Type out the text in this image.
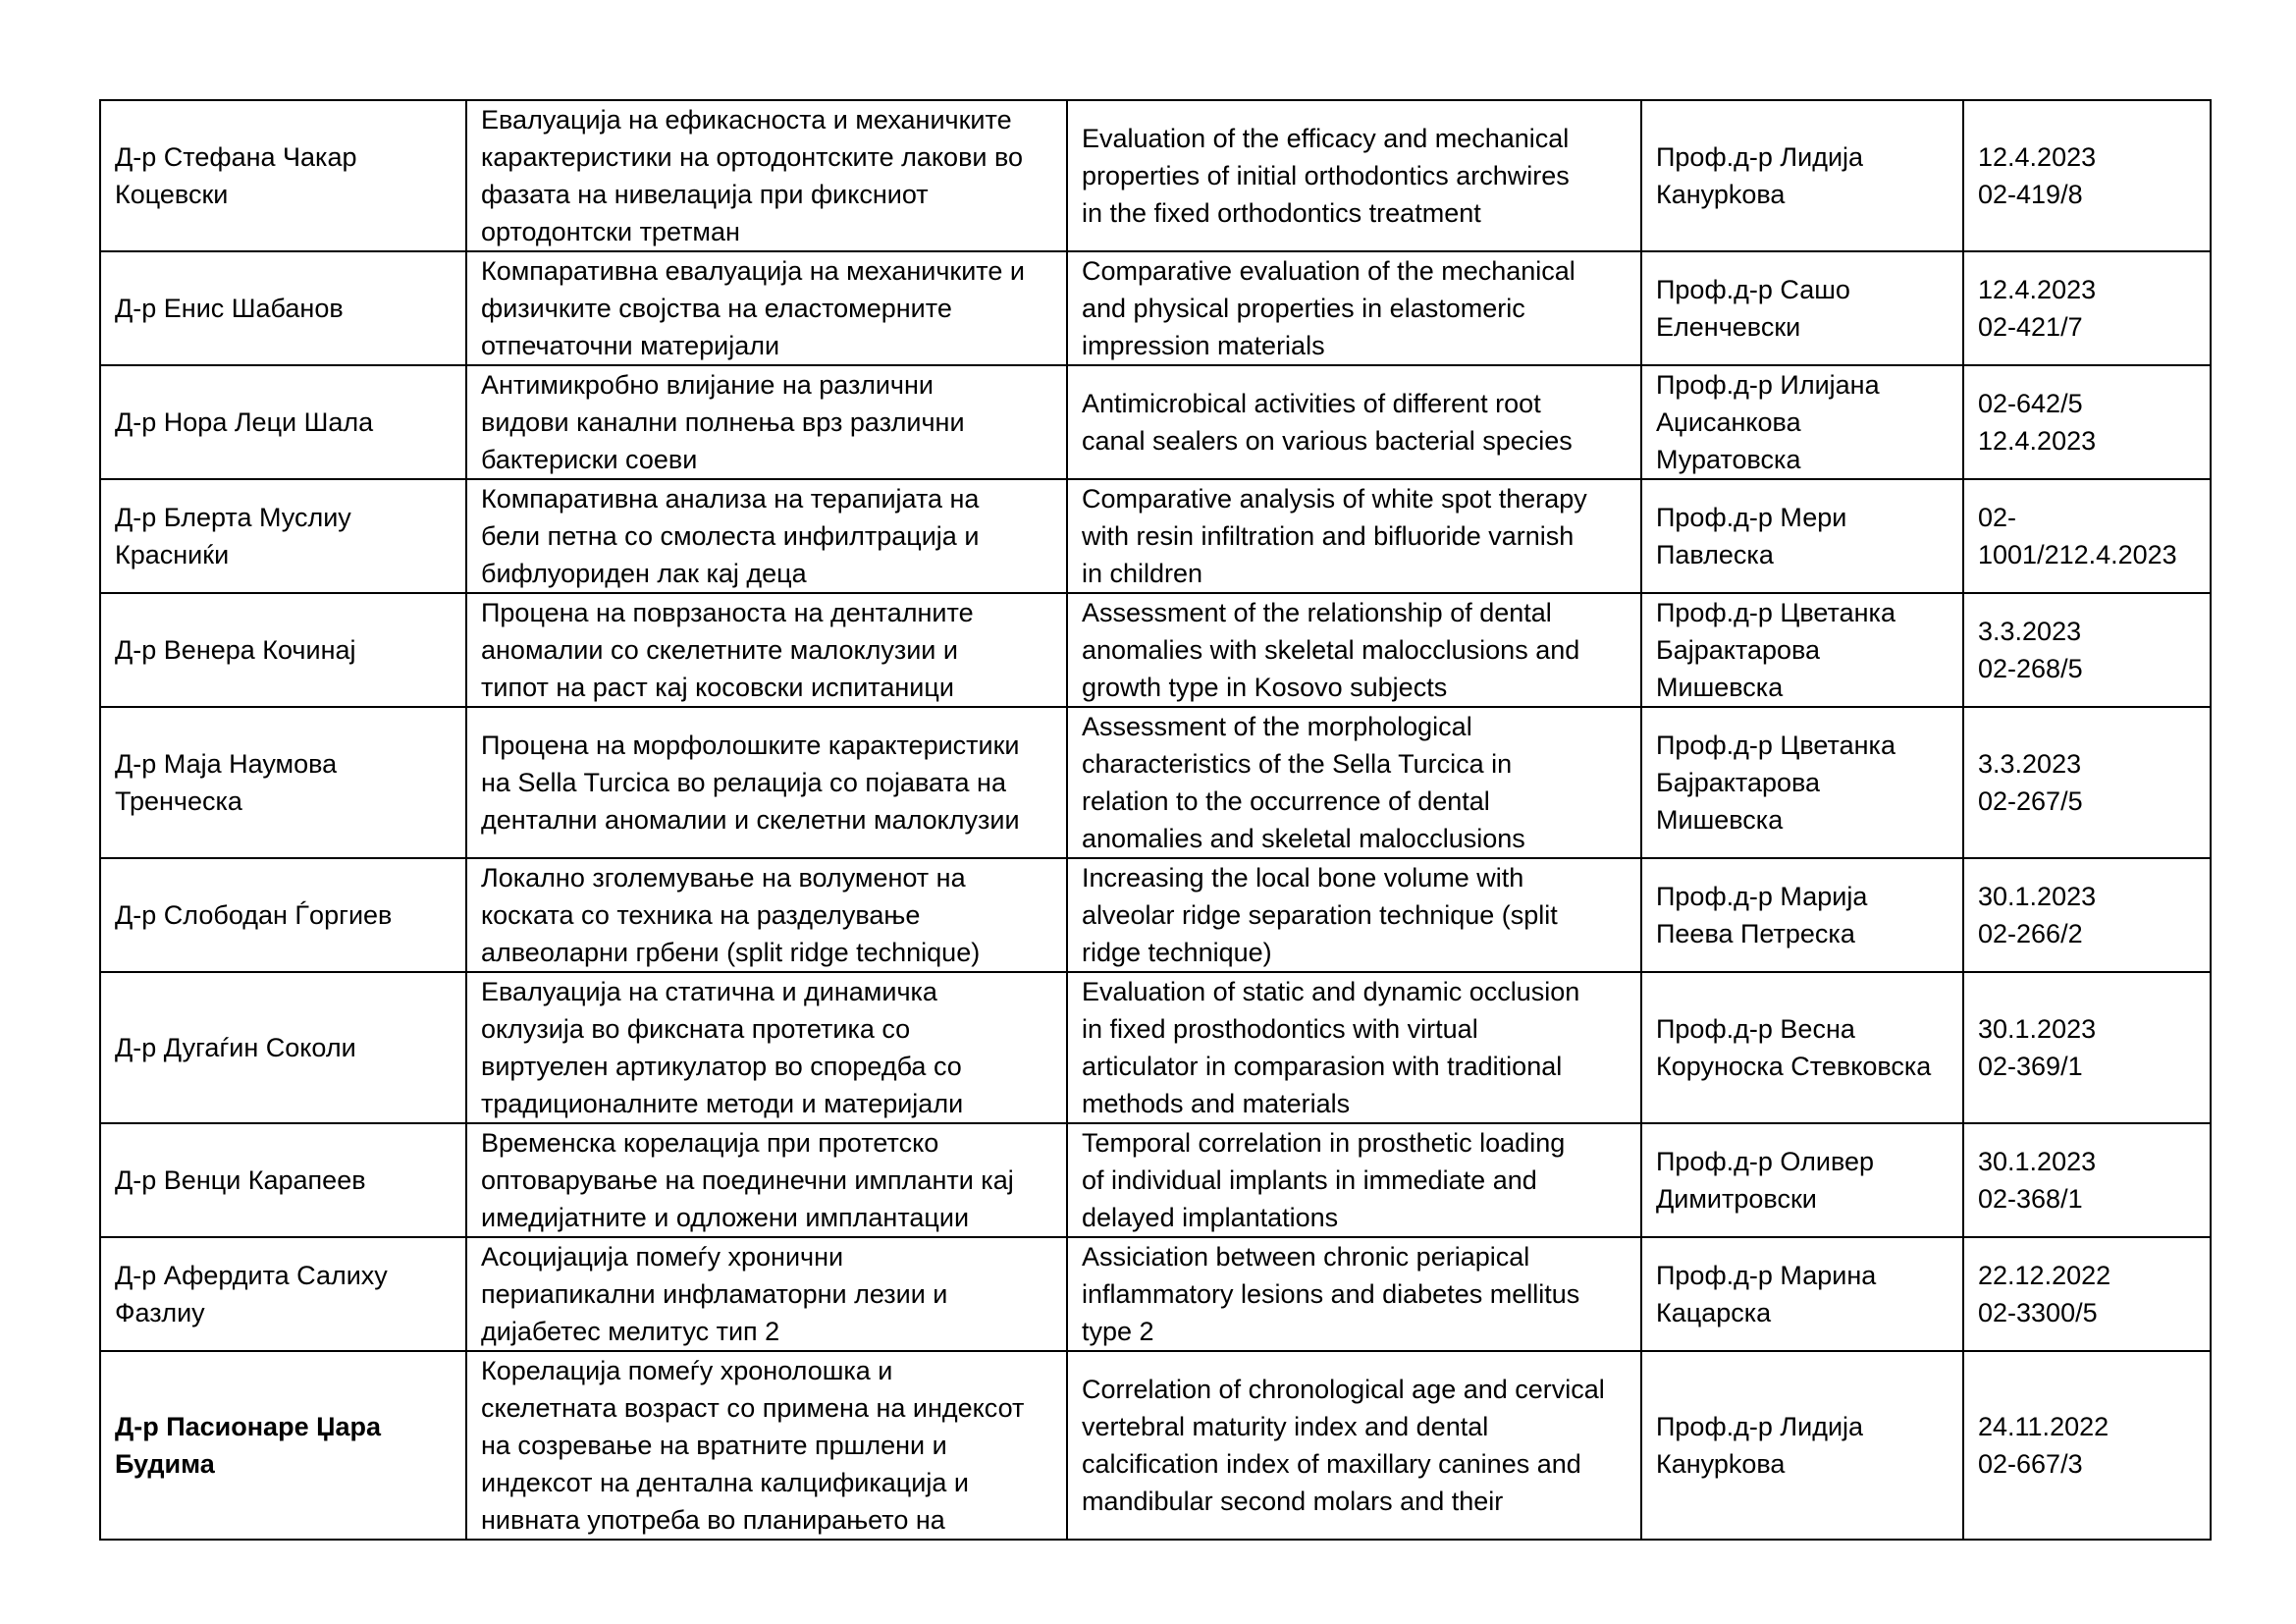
Д-р Стефана Чакар
Коцевски	Евалуација на ефикасноста и механичките
карактеристики на ортодонтските лакови во
фазата на нивелација при фиксниот
ортодонтски третман	Evaluation of the efficacy and mechanical
properties of initial orthodontics archwires
in the fixed orthodontics treatment	Проф.д-р Лидија
Канурkова	12.4.2023
02-419/8

Д-р Енис Шабанов	Компаративна евалуација на механичките и
физичките својства на еластомерните
отпечаточни материјали	Comparative evaluation of the mechanical
and physical properties in elastomeric
impression materials	Проф.д-р Сашо
Еленчевски	12.4.2023
02-421/7

Д-р Нора Леци Шала	Антимикробно влијание на различни
видови канални полнења врз различни
бактериски соеви	Antimicrobical activities of different root
canal sealers on various bacterial species	Проф.д-р Илијана
Аџисанкова
Муратовска	02-642/5
12.4.2023

Д-р Блерта Муслиу
Красниќи	Компаративна анализа на терапијата на
бели петна со смолеста инфилтрација и
бифлуориден лак кај деца	Comparative analysis of white spot therapy
with resin infiltration and bifluoride varnish
in children	Проф.д-р Мери
Павлеска	02-
1001/212.4.2023

Д-р Венера Кочинај	Процена на поврзаноста на денталните
аномалии со скелетните малоклузии и
типот на раст кај косовски испитаници	Assessment of the relationship of dental
anomalies with skeletal malocclusions and
growth type in Kosovo subjects	Проф.д-р Цветанка
Бајрактарова
Мишевска	3.3.2023
02-268/5

Д-р Маја Наумова
Тренческа	Процена на морфолошките карактеристики
на Sella Turcica во релација со појавата на
дентални аномалии и скелетни малоклузии	Assessment of the morphological
characteristics of the Sella Turcica in
relation to the occurrence of dental
anomalies and skeletal malocclusions	Проф.д-р Цветанка
Бајрактарова
Мишевска	3.3.2023
02-267/5

Д-р Слободан Ѓоргиев	Локално зголемување на волуменот на
коската со техника на разделување
алвеоларни грбени (split ridge technique)	Increasing the local bone volume with
alveolar ridge separation technique (split
ridge technique)	Проф.д-р Марија
Пеева Петреска	30.1.2023
02-266/2

Д-р Дугаѓин Соколи	Евалуација на статична и динамичка
оклузија во фиксната протетика со
виртуелен артикулатор во споредба со
традиционалните методи и материјали	Evaluation of static and dynamic occlusion
in fixed prosthodontics with virtual
articulator in comparasion with traditional
methods and materials	Проф.д-р Весна
Коруноска Стевковска	30.1.2023
02-369/1

Д-р Венци Карапеев	Временска корелација при протетско
оптоварување на поединечни импланти кај
имедијатните и одложени имплантации	Temporal correlation in prosthetic loading
of individual implants in immediate and
delayed implantations	Проф.д-р Оливер
Димитровски	30.1.2023
02-368/1

Д-р Афердита Салиху
Фазлиу	Асоцијација помеѓу хронични
периапикални инфламаторни лезии и
дијабетес мелитус тип 2	Assiciation between chronic periapical
inflammatory lesions and diabetes mellitus
type 2	Проф.д-р Марина
Кацарска	22.12.2022
02-3300/5

Д-р Пасионаре Џара
Будима	Корелација помеѓу хронолошка и
скелетната возраст со примена на индексот
на созревање на вратните пршлени и
индексот на дентална калцификација и
нивната употреба во планирањето на	Correlation of chronological age and cervical
vertebral maturity index and dental
calcification index of maxillary canines and
mandibular second molars and their	Проф.д-р Лидија
Канурkова	24.11.2022
02-667/3
